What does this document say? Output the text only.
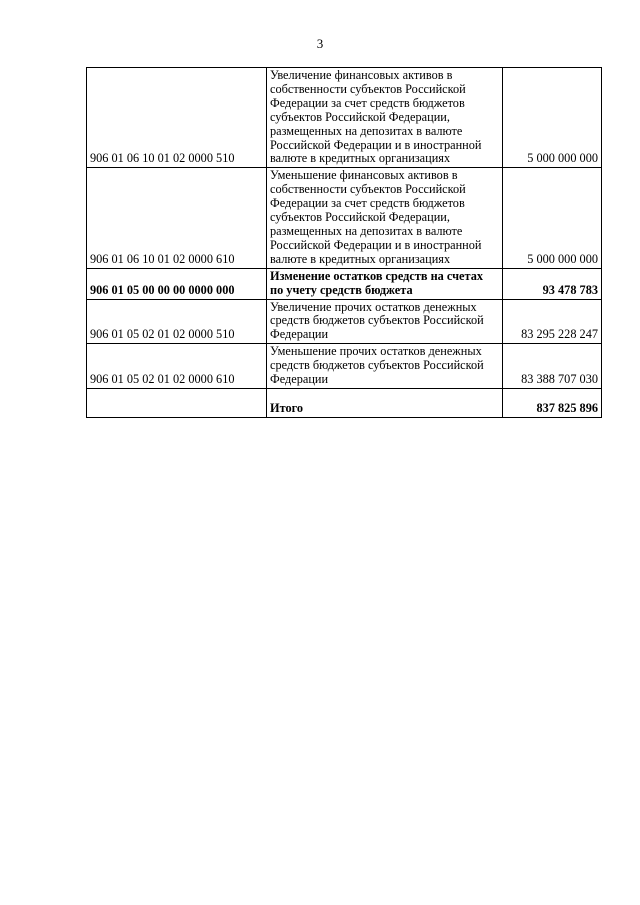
3
906 01 06 10 01 02 0000 510	Увеличение финансовых активов в собственности субъектов Российской Федерации за счет средств бюджетов субъектов Российской Федерации, размещенных на депозитах в валюте Российской Федерации и в иностранной валюте в кредитных организациях	5 000 000 000
906 01 06 10 01 02 0000 610	Уменьшение финансовых активов в собственности субъектов Российской Федерации за счет средств бюджетов субъектов Российской Федерации, размещенных на депозитах в валюте Российской Федерации и в иностранной валюте в кредитных организациях	5 000 000 000
906 01 05 00 00 00 0000 000	Изменение остатков средств на счетах по учету средств бюджета	93 478 783
906 01 05 02 01 02 0000 510	Увеличение прочих остатков денежных средств бюджетов субъектов Российской Федерации	83 295 228 247
906 01 05 02 01 02 0000 610	Уменьшение прочих остатков денежных средств бюджетов субъектов Российской Федерации	83 388 707 030
	Итого	837 825 896
